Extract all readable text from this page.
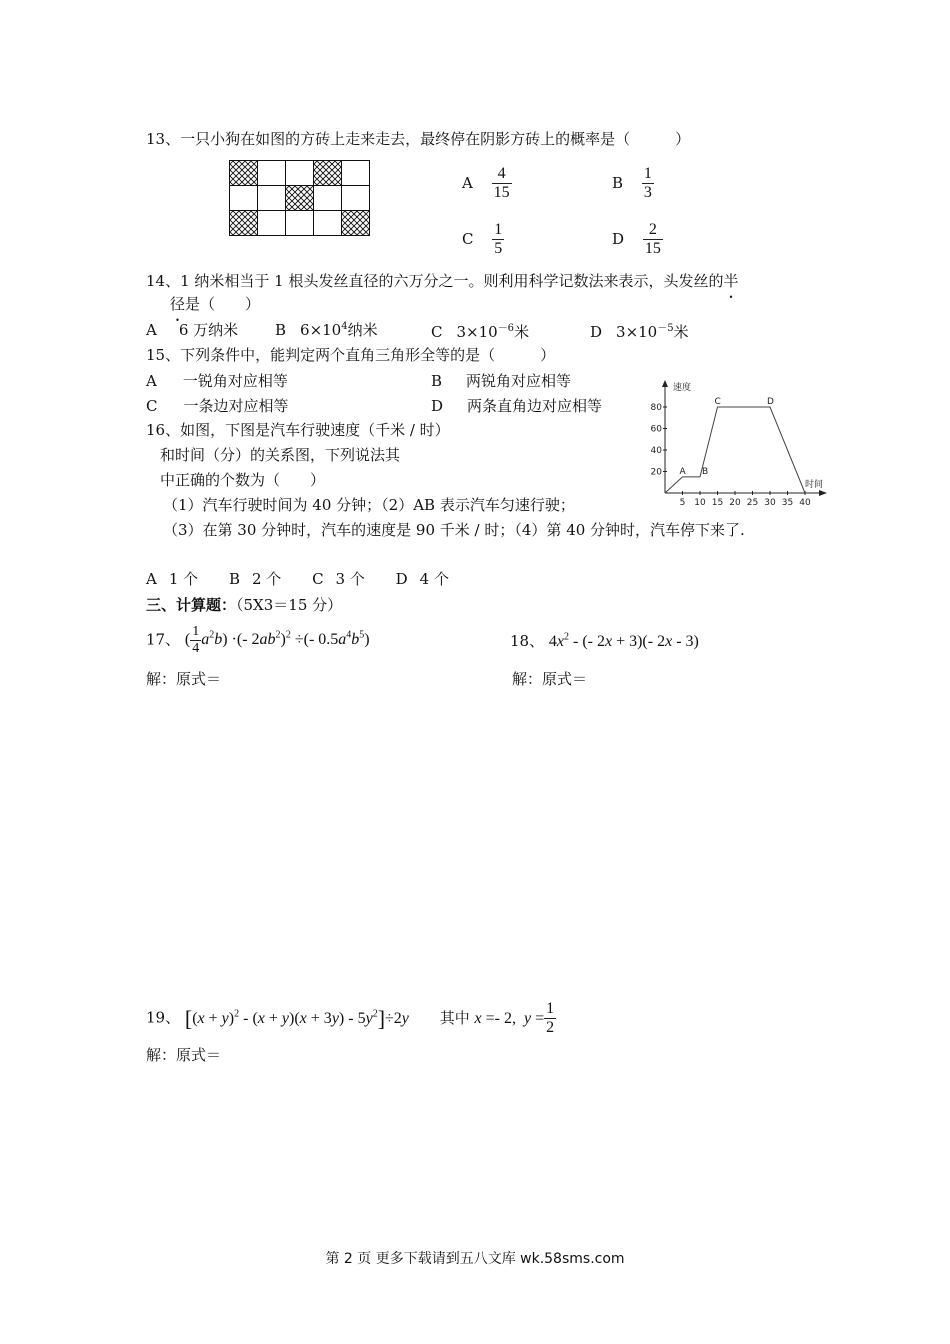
13、一只小狗在如图的方砖上走来走去，最终停在阴影方砖上的概率是（　　　）

A $\frac{4}{15}$	B $\frac{1}{3}$
C $\frac{1}{5}$	D $\frac{2}{15}$
14、1 纳米相当于 1 根头发丝直径的六万分之一。则利用科学记数法来表示，头发丝的半
径是（　　）
A 6 万纳米 B $6\times 10^4$纳米	C $3\times 10^{-6}$米	D $3\times 10^{-5}$米
15、下列条件中，能判定两个直角三角形全等的是（　　　）
A 一锐角对应相等	B 两锐角对应相等
C 一条边对应相等	D 两条直角边对应相等
16、如图，下图是汽车行驶速度（千米 / 时）
和时间（分）的关系图，下列说法其
中正确的个数为（　　）
（1）汽车行驶时间为 40 分钟；（2）AB 表示汽车匀速行驶；
（3）在第 30 分钟时，汽车的速度是 90 千米 / 时；（4）第 40 分钟时，汽车停下来了.
速度
时间
20
40
60
80
5 10 15 20 25 30 35 40
A B
C	D
A 1 个 B 2 个 C 3 个 D 4 个
三、计算题：（5X3＝15 分）
17、 ( $\frac{1}{4} a^2b$) ·(- $2ab^2)^2$ ÷(- $0.5a^4b^5$)
解：原式＝
18、 $4x^2$ - (- 2x + 3)(- 2x - 3)
解：原式＝
19、 $[(x + y)^2 - (x + y)(x + 3y) - 5y^2]\div 2y$ 其中 x =- 2,  $y = \frac{1}{2}$
解：原式＝
第 2 页 更多下载请到五八文库 wk.58sms.com
